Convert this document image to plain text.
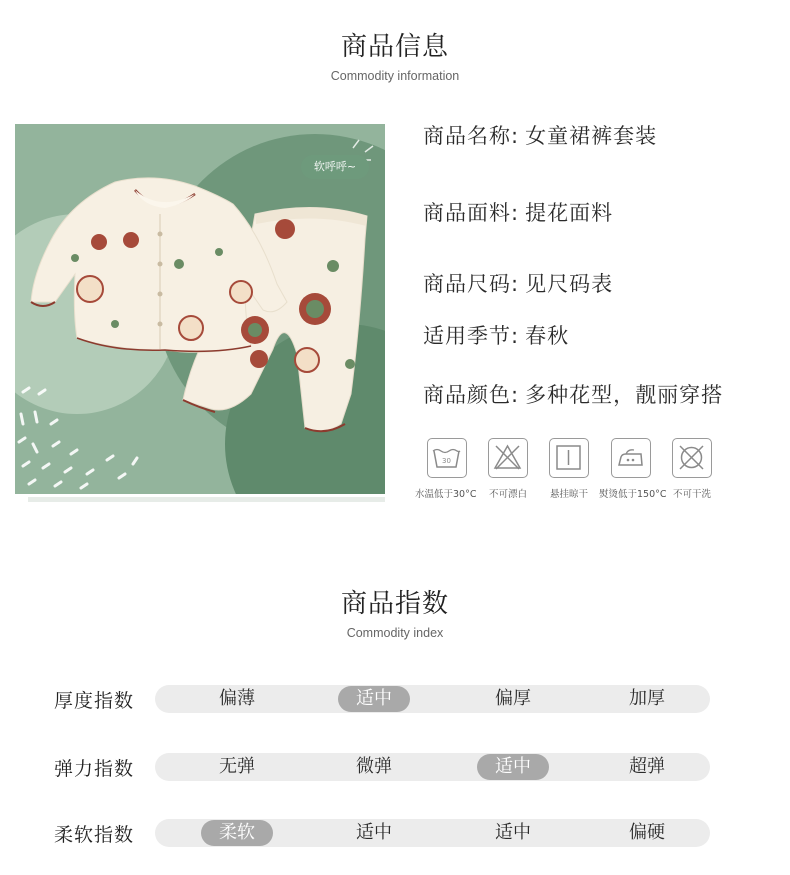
商品信息
Commodity information
软呼呼~
商品名称: 女童裙裤套装
商品面料: 提花面料
商品尺码: 见尺码表
适用季节: 春秋
商品颜色: 多种花型，靓丽穿搭
30
水温低于30°C 不可漂白 悬挂晾干 熨烫低于150°C 不可干洗
商品指数
Commodity index
厚度指数	偏薄	适中	偏厚	加厚
弹力指数	无弹	微弹	适中	超弹
柔软指数	柔软	适中	适中	偏硬
